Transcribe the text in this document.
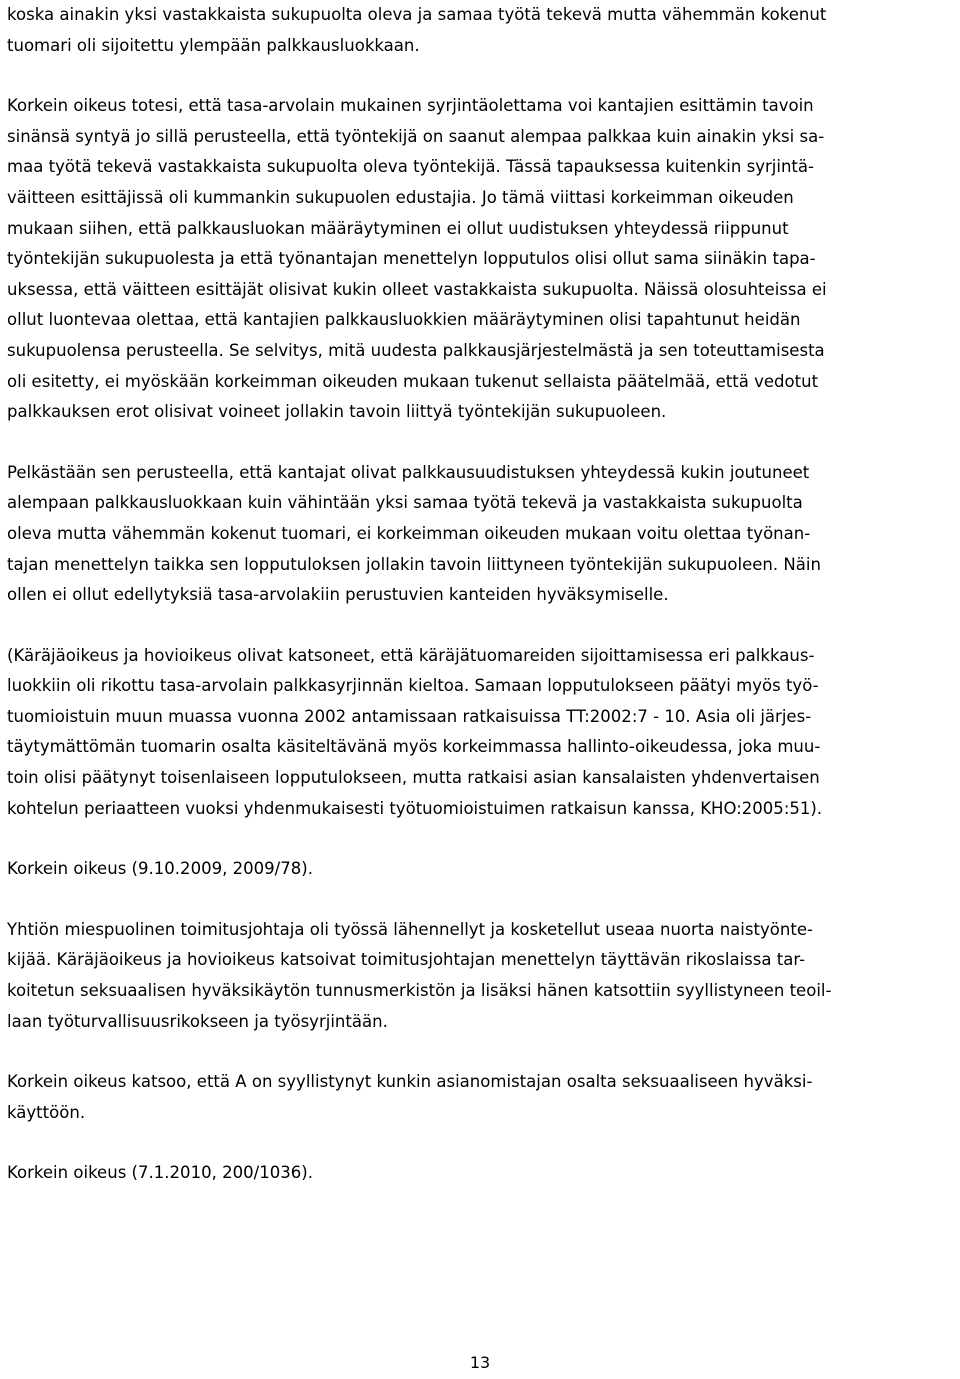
koska ainakin yksi vastakkaista sukupuolta oleva ja samaa työtä tekevä mutta vähemmän kokenut
tuomari oli sijoitettu ylempään palkkausluokkaan.
Korkein oikeus totesi, että tasa-arvolain mukainen syrjintäolettama voi kantajien esittämin tavoin
sinänsä syntyä jo sillä perusteella, että työntekijä on saanut alempaa palkkaa kuin ainakin yksi sa-
maa työtä tekevä vastakkaista sukupuolta oleva työntekijä. Tässä tapauksessa kuitenkin syrjintä-
väitteen esittäjissä oli kummankin sukupuolen edustajia. Jo tämä viittasi korkeimman oikeuden
mukaan siihen, että palkkausluokan määräytyminen ei ollut uudistuksen yhteydessä riippunut
työntekijän sukupuolesta ja että työnantajan menettelyn lopputulos olisi ollut sama siinäkin tapa-
uksessa, että väitteen esittäjät olisivat kukin olleet vastakkaista sukupuolta. Näissä olosuhteissa ei
ollut luontevaa olettaa, että kantajien palkkausluokkien määräytyminen olisi tapahtunut heidän
sukupuolensa perusteella. Se selvitys, mitä uudesta palkkausjärjestelmästä ja sen toteuttamisesta
oli esitetty, ei myöskään korkeimman oikeuden mukaan tukenut sellaista päätelmää, että vedotut
palkkauksen erot olisivat voineet jollakin tavoin liittyä työntekijän sukupuoleen.
Pelkästään sen perusteella, että kantajat olivat palkkausuudistuksen yhteydessä kukin joutuneet
alempaan palkkausluokkaan kuin vähintään yksi samaa työtä tekevä ja vastakkaista sukupuolta
oleva mutta vähemmän kokenut tuomari, ei korkeimman oikeuden mukaan voitu olettaa työnan-
tajan menettelyn taikka sen lopputuloksen jollakin tavoin liittyneen työntekijän sukupuoleen. Näin
ollen ei ollut edellytyksiä tasa-arvolakiin perustuvien kanteiden hyväksymiselle.
(Käräjäoikeus ja hovioikeus olivat katsoneet, että käräjätuomareiden sijoittamisessa eri palkkaus-
luokkiin oli rikottu tasa-arvolain palkkasyrjinnän kieltoa. Samaan lopputulokseen päätyi myös työ-
tuomioistuin muun muassa vuonna 2002 antamissaan ratkaisuissa TT:2002:7 - 10. Asia oli järjes-
täytymättömän tuomarin osalta käsiteltävänä myös korkeimmassa hallinto-oikeudessa, joka muu-
toin olisi päätynyt toisenlaiseen lopputulokseen, mutta ratkaisi asian kansalaisten yhdenvertaisen
kohtelun periaatteen vuoksi yhdenmukaisesti työtuomioistuimen ratkaisun kanssa, KHO:2005:51).
Korkein oikeus (9.10.2009, 2009/78).
Yhtiön miespuolinen toimitusjohtaja oli työssä lähennellyt ja kosketellut useaa nuorta naistyönte-
kijää. Käräjäoikeus ja hovioikeus katsoivat toimitusjohtajan menettelyn täyttävän rikoslaissa tar-
koitetun seksuaalisen hyväksikäytön tunnusmerkistön ja lisäksi hänen katsottiin syyllistyneen teoil-
laan työturvallisuusrikokseen ja työsyrjintään.
Korkein oikeus katsoo, että A on syyllistynyt kunkin asianomistajan osalta seksuaaliseen hyväksi-
käyttöön.
Korkein oikeus (7.1.2010, 200/1036).
13
